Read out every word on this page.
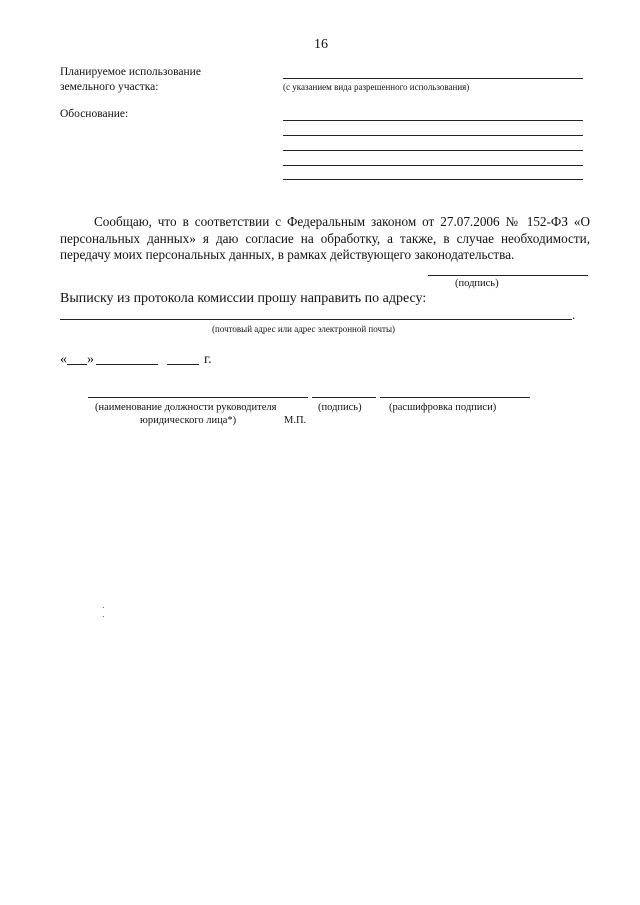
16
Планируемое использование
земельного участка:	(с указанием вида разрешенного использования)
Обоснование:
Сообщаю, что в соответствии с Федеральным законом от 27.07.2006 № 152-ФЗ «О персональных данных» я даю согласие на обработку, а также, в случае необходимости, передачу моих персональных данных, в рамках действующего законодательства.
(подпись)
Выписку из протокола комиссии прошу направить по адресу:
.
(почтовый адрес или адрес электронной почты)
« »	г.
(наименование должности руководителя
юридического лица*)
(подпись)	(расшифровка подписи)
М.П.
